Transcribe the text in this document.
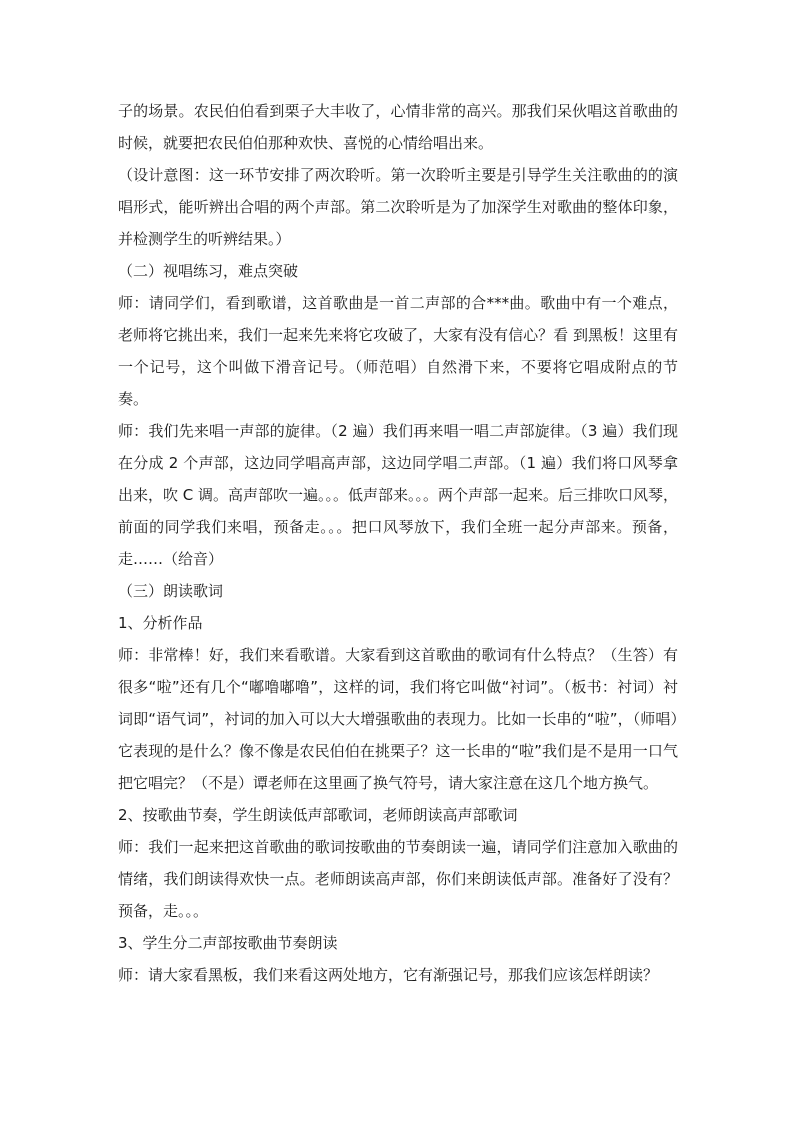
子的场景。农民伯伯看到栗子大丰收了，心情非常的高兴。那我们呆伙唱这首歌曲的时候，就要把农民伯伯那种欢快、喜悦的心情给唱出来。

（设计意图：这一环节安排了两次聆听。第一次聆听主要是引导学生关注歌曲的的演唱形式，能听辨出合唱的两个声部。第二次聆听是为了加深学生对歌曲的整体印象，并检测学生的听辨结果。）

（二）视唱练习，难点突破

师：请同学们，看到歌谱，这首歌曲是一首二声部的合***曲。歌曲中有一个难点，老师将它挑出来，我们一起来先来将它攻破了，大家有没有信心？看 到黑板！这里有一个记号，这个叫做下滑音记号。（师范唱）自然滑下来，不要将它唱成附点的节奏。

师：我们先来唱一声部的旋律。（2 遍）我们再来唱一唱二声部旋律。（3 遍）我们现在分成 2 个声部，这边同学唱高声部，这边同学唱二声部。（1 遍）我们将口风琴拿出来，吹 C 调。高声部吹一遍。。。低声部来。。。两个声部一起来。后三排吹口风琴，前面的同学我们来唱，预备走。。。把口风琴放下，我们全班一起分声部来。预备，走……（给音）

（三）朗读歌词

1、分析作品

师：非常棒！好，我们来看歌谱。大家看到这首歌曲的歌词有什么特点？（生答）有很多“啦”还有几个“嘟噜嘟噜”，这样的词，我们将它叫做“衬词”。（板书：衬词）衬词即“语气词”，衬词的加入可以大大增强歌曲的表现力。比如一长串的“啦”，（师唱）它表现的是什么？像不像是农民伯伯在挑栗子？这一长串的“啦”我们是不是用一口气把它唱完？（不是）谭老师在这里画了换气符号，请大家注意在这几个地方换气。

2、按歌曲节奏，学生朗读低声部歌词，老师朗读高声部歌词

师：我们一起来把这首歌曲的歌词按歌曲的节奏朗读一遍，请同学们注意加入歌曲的情绪，我们朗读得欢快一点。老师朗读高声部，你们来朗读低声部。准备好了没有？预备，走。。。

3、学生分二声部按歌曲节奏朗读

师：请大家看黑板，我们来看这两处地方，它有渐强记号，那我们应该怎样朗读？
